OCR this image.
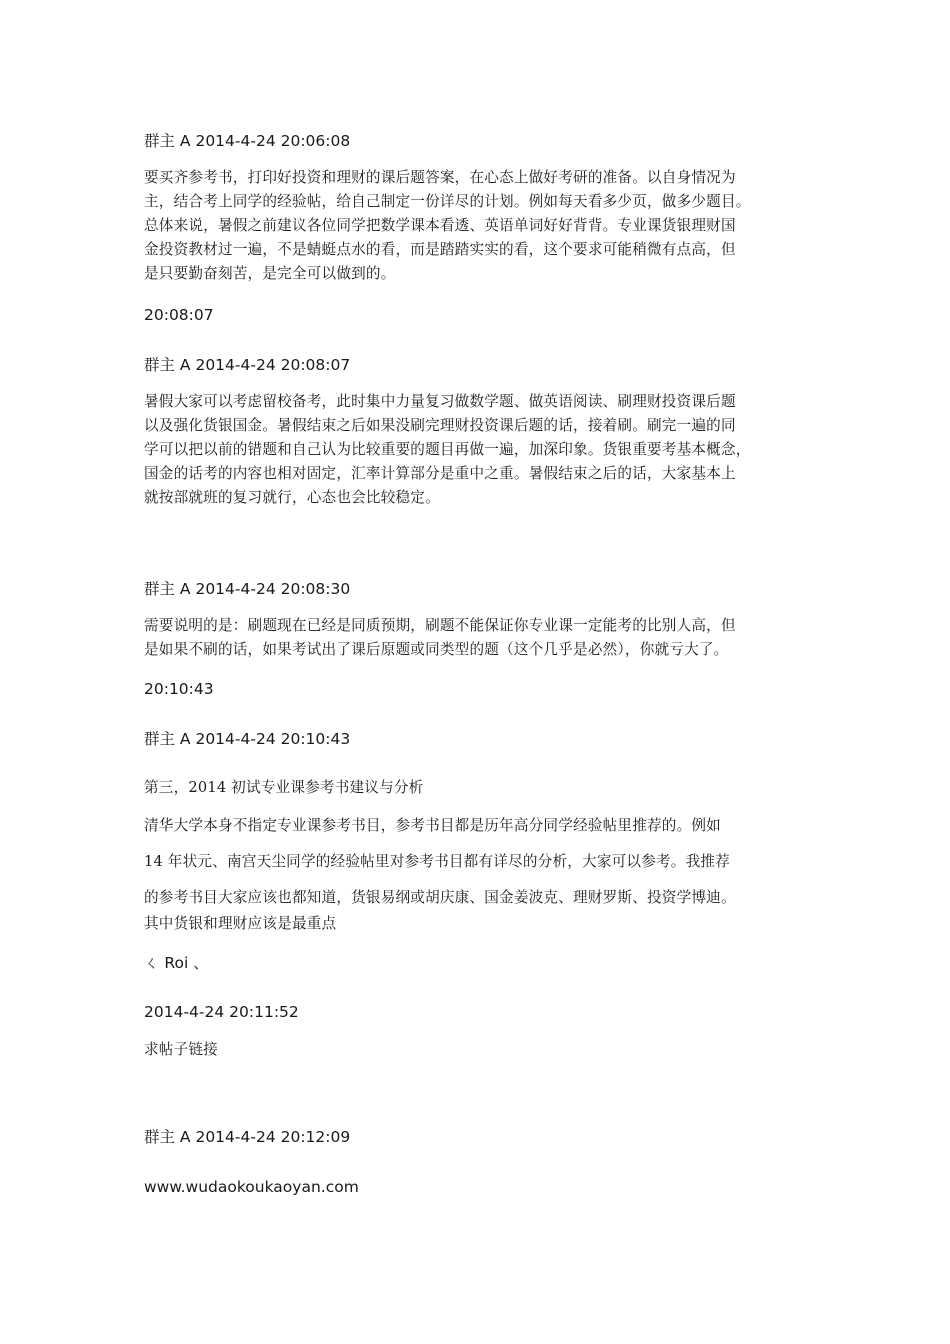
群主 A 2014-4-24 20:06:08
要买齐参考书，打印好投资和理财的课后题答案，在心态上做好考研的准备。以自身情况为
主，结合考上同学的经验帖，给自己制定一份详尽的计划。例如每天看多少页，做多少题目。
总体来说，暑假之前建议各位同学把数学课本看透、英语单词好好背背。专业课货银理财国
金投资教材过一遍，不是蜻蜓点水的看，而是踏踏实实的看，这个要求可能稍微有点高，但
是只要勤奋刻苦，是完全可以做到的。
20:08:07
群主 A 2014-4-24 20:08:07
暑假大家可以考虑留校备考，此时集中力量复习做数学题、做英语阅读、刷理财投资课后题
以及强化货银国金。暑假结束之后如果没刷完理财投资课后题的话，接着刷。刷完一遍的同
学可以把以前的错题和自己认为比较重要的题目再做一遍，加深印象。货银重要考基本概念，
国金的话考的内容也相对固定，汇率计算部分是重中之重。暑假结束之后的话，大家基本上
就按部就班的复习就行，心态也会比较稳定。
群主 A 2014-4-24 20:08:30
需要说明的是：刷题现在已经是同质预期，刷题不能保证你专业课一定能考的比别人高，但
是如果不刷的话，如果考试出了课后原题或同类型的题（这个几乎是必然），你就亏大了。
20:10:43
群主 A 2014-4-24 20:10:43
第三，2014 初试专业课参考书建议与分析
清华大学本身不指定专业课参考书目，参考书目都是历年高分同学经验帖里推荐的。例如
14 年状元、南宫天尘同学的经验帖里对参考书目都有详尽的分析，大家可以参考。我推荐
的参考书目大家应该也都知道，货银易纲或胡庆康、国金姜波克、理财罗斯、投资学博迪。
其中货银和理财应该是最重点
ㄑ Roi 、
2014-4-24 20:11:52
求帖子链接
群主 A 2014-4-24 20:12:09
www.wudaokoukaoyan.com
